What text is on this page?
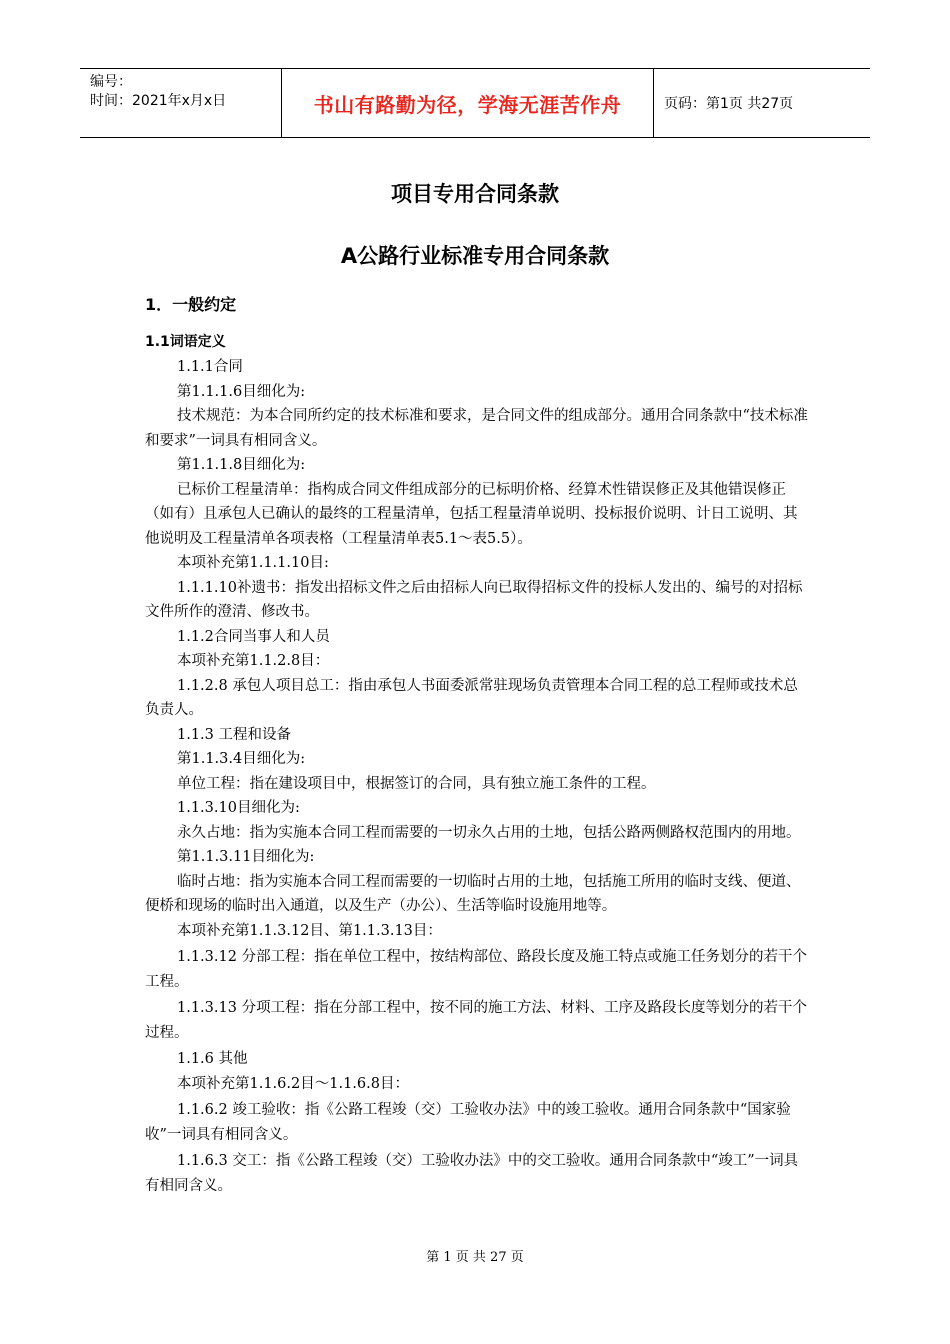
编号：
时间：2021年x月x日	书山有路勤为径，学海无涯苦作舟	页码：第1页 共27页
项目专用合同条款
A公路行业标准专用合同条款
1．一般约定
1.1词语定义

1.1.1合同

第1.1.1.6目细化为:

技术规范：为本合同所约定的技术标准和要求，是合同文件的组成部分。通用合同条款中“技术标准和要求”一词具有相同含义。

第1.1.1.8目细化为:

已标价工程量清单：指构成合同文件组成部分的已标明价格、经算术性错误修正及其他错误修正（如有）且承包人已确认的最终的工程量清单，包括工程量清单说明、投标报价说明、计日工说明、其他说明及工程量清单各项表格（工程量清单表5.1～表5.5）。

本项补充第1.1.1.10目:

1.1.1.10补遗书：指发出招标文件之后由招标人向已取得招标文件的投标人发出的、编号的对招标文件所作的澄清、修改书。

1.1.2合同当事人和人员

本项补充第1.1.2.8目：

1.1.2.8 承包人项目总工：指由承包人书面委派常驻现场负责管理本合同工程的总工程师或技术总负责人。

1.1.3 工程和设备

第1.1.3.4目细化为:

单位工程：指在建设项目中，根据签订的合同，具有独立施工条件的工程。

1.1.3.10目细化为:

永久占地：指为实施本合同工程而需要的一切永久占用的土地，包括公路两侧路权范围内的用地。

第1.1.3.11目细化为:

临时占地：指为实施本合同工程而需要的一切临时占用的土地，包括施工所用的临时支线、便道、便桥和现场的临时出入通道，以及生产（办公）、生活等临时设施用地等。

本项补充第1.1.3.12目、第1.1.3.13目：

1.1.3.12 分部工程：指在单位工程中，按结构部位、路段长度及施工特点或施工任务划分的若干个工程。

1.1.3.13 分项工程：指在分部工程中，按不同的施工方法、材料、工序及路段长度等划分的若干个过程。

1.1.6 其他

本项补充第1.1.6.2目～1.1.6.8目：

1.1.6.2 竣工验收：指《公路工程竣（交）工验收办法》中的竣工验收。通用合同条款中“国家验收”一词具有相同含义。

1.1.6.3 交工：指《公路工程竣（交）工验收办法》中的交工验收。通用合同条款中“竣工”一词具有相同含义。

第 1 页 共 27 页
